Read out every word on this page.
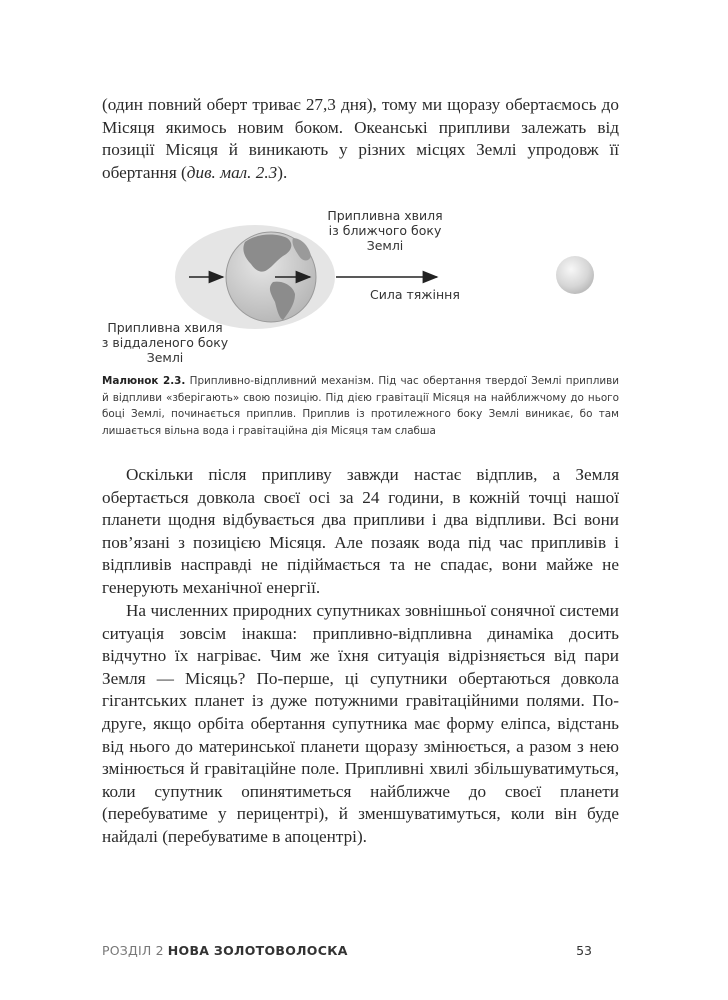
(один повний оберт триває 27,3 дня), тому ми щоразу обертаємось до Місяця якимось новим боком. Океанські припливи залежать від позиції Місяця й виникають у різних місцях Землі упродовж її обертання (див. мал. 2.3).

Припливна хвиля
із ближчого боку
Землі
Припливна хвиля
з віддаленого боку
Землі
Сила тяжіння
Малюнок 2.3. Припливно-відпливний механізм. Під час обертання твердої Землі припливи й відпливи «зберігають» свою позицію. Під дією гравітації Місяця на найближчому до нього боці Землі, починається приплив. Приплив із протилежного боку Землі виникає, бо там лишається вільна вода і гравітаційна дія Місяця там слабша

Оскільки після припливу завжди настає відплив, а Земля обертається довкола своєї осі за 24 години, в кожній точці нашої планети щодня відбувається два припливи і два відпливи. Всі вони пов’язані з позицією Місяця. Але позаяк вода під час припливів і відпливів насправді не підіймається та не спадає, вони майже не генерують механічної енергії.

На численних природних супутниках зовнішньої сонячної системи ситуація зовсім інакша: припливно-відпливна динаміка досить відчутно їх нагріває. Чим же їхня ситуація відрізняється від пари Земля — Місяць? По-перше, ці супутники обертаються довкола гігантських планет із дуже потужними гравітаційними полями. По-друге, якщо орбіта обертання супутника має форму еліпса, відстань від нього до материнської планети щоразу змінюється, а разом з нею змінюється й гравітаційне поле. Припливні хвилі збільшуватимуться, коли супутник опинятиметься найближче до своєї планети (перебуватиме у перицентрі), й зменшуватимуться, коли він буде найдалі (перебуватиме в апоцентрі).

РОЗДІЛ 2 НОВА ЗОЛОТОВОЛОСКА	53
